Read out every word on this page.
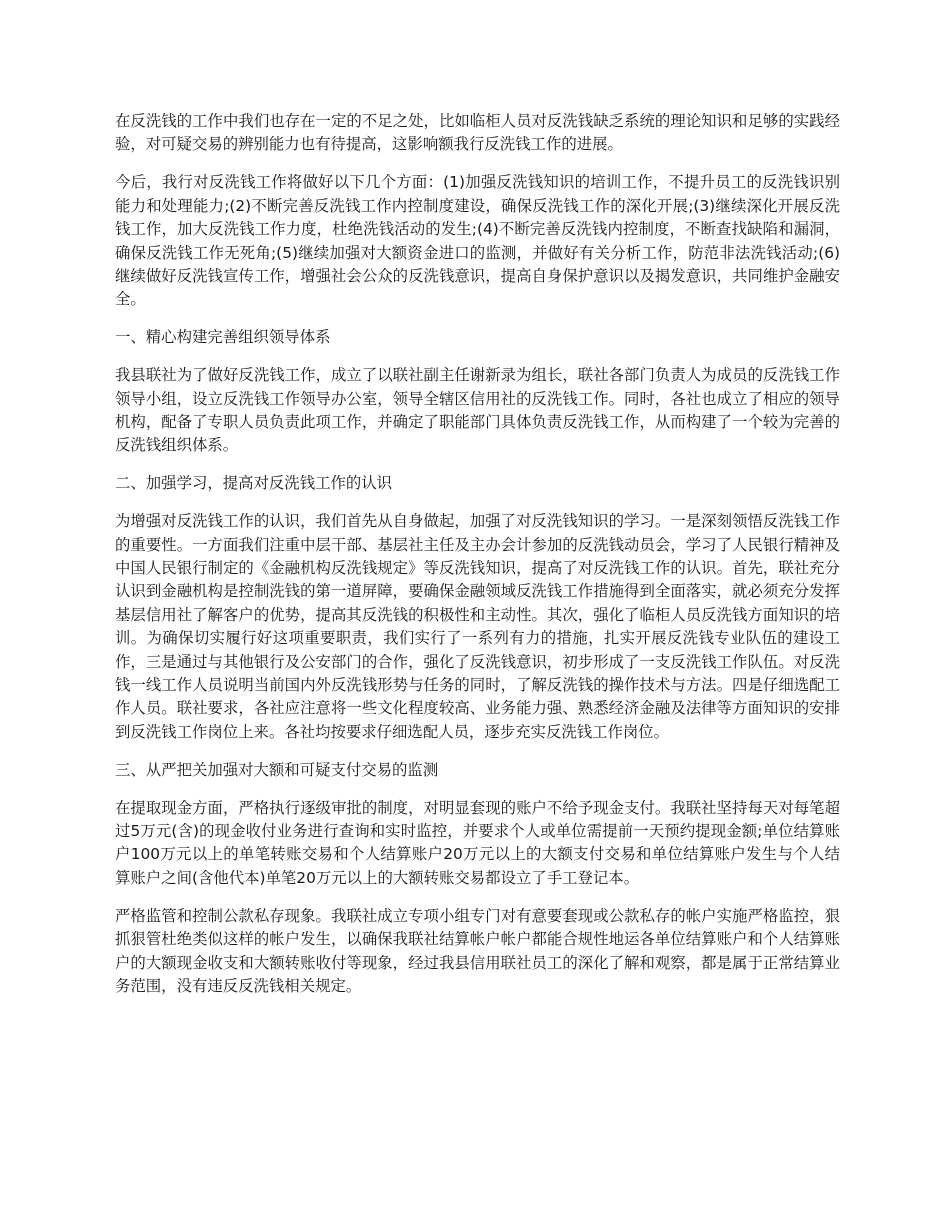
在反洗钱的工作中我们也存在一定的不足之处，比如临柜人员对反洗钱缺乏系统的理论知识和足够的实践经验，对可疑交易的辨别能力也有待提高，这影响额我行反洗钱工作的进展。

今后，我行对反洗钱工作将做好以下几个方面：(1)加强反洗钱知识的培训工作，不提升员工的反洗钱识别能力和处理能力;(2)不断完善反洗钱工作内控制度建设，确保反洗钱工作的深化开展;(3)继续深化开展反洗钱工作，加大反洗钱工作力度，杜绝洗钱活动的发生;(4)不断完善反洗钱内控制度，不断查找缺陷和漏洞，确保反洗钱工作无死角;(5)继续加强对大额资金进口的监测，并做好有关分析工作，防范非法洗钱活动;(6)继续做好反洗钱宣传工作，增强社会公众的反洗钱意识，提高自身保护意识以及揭发意识，共同维护金融安全。

一、精心构建完善组织领导体系

我县联社为了做好反洗钱工作，成立了以联社副主任谢新录为组长，联社各部门负责人为成员的反洗钱工作领导小组，设立反洗钱工作领导办公室，领导全辖区信用社的反洗钱工作。同时，各社也成立了相应的领导机构，配备了专职人员负责此项工作，并确定了职能部门具体负责反洗钱工作，从而构建了一个较为完善的反洗钱组织体系。

二、加强学习，提高对反洗钱工作的认识

为增强对反洗钱工作的认识，我们首先从自身做起，加强了对反洗钱知识的学习。一是深刻领悟反洗钱工作的重要性。一方面我们注重中层干部、基层社主任及主办会计参加的反洗钱动员会，学习了人民银行精神及中国人民银行制定的《金融机构反洗钱规定》等反洗钱知识，提高了对反洗钱工作的认识。首先，联社充分认识到金融机构是控制洗钱的第一道屏障，要确保金融领域反洗钱工作措施得到全面落实，就必须充分发挥基层信用社了解客户的优势，提高其反洗钱的积极性和主动性。其次，强化了临柜人员反洗钱方面知识的培训。为确保切实履行好这项重要职责，我们实行了一系列有力的措施，扎实开展反洗钱专业队伍的建设工作，三是通过与其他银行及公安部门的合作，强化了反洗钱意识，初步形成了一支反洗钱工作队伍。对反洗钱一线工作人员说明当前国内外反洗钱形势与任务的同时，了解反洗钱的操作技术与方法。四是仔细选配工作人员。联社要求，各社应注意将一些文化程度较高、业务能力强、熟悉经济金融及法律等方面知识的安排到反洗钱工作岗位上来。各社均按要求仔细选配人员，逐步充实反洗钱工作岗位。

三、从严把关加强对大额和可疑支付交易的监测

在提取现金方面，严格执行逐级审批的制度，对明显套现的账户不给予现金支付。我联社坚持每天对每笔超过5万元(含)的现金收付业务进行查询和实时监控，并要求个人或单位需提前一天预约提现金额;单位结算账户100万元以上的单笔转账交易和个人结算账户20万元以上的大额支付交易和单位结算账户发生与个人结算账户之间(含他代本)单笔20万元以上的大额转账交易都设立了手工登记本。

严格监管和控制公款私存现象。我联社成立专项小组专门对有意要套现或公款私存的帐户实施严格监控，狠抓狠管杜绝类似这样的帐户发生，以确保我联社结算帐户帐户都能合规性地运各单位结算账户和个人结算账户的大额现金收支和大额转账收付等现象，经过我县信用联社员工的深化了解和观察，都是属于正常结算业务范围，没有违反反洗钱相关规定。
